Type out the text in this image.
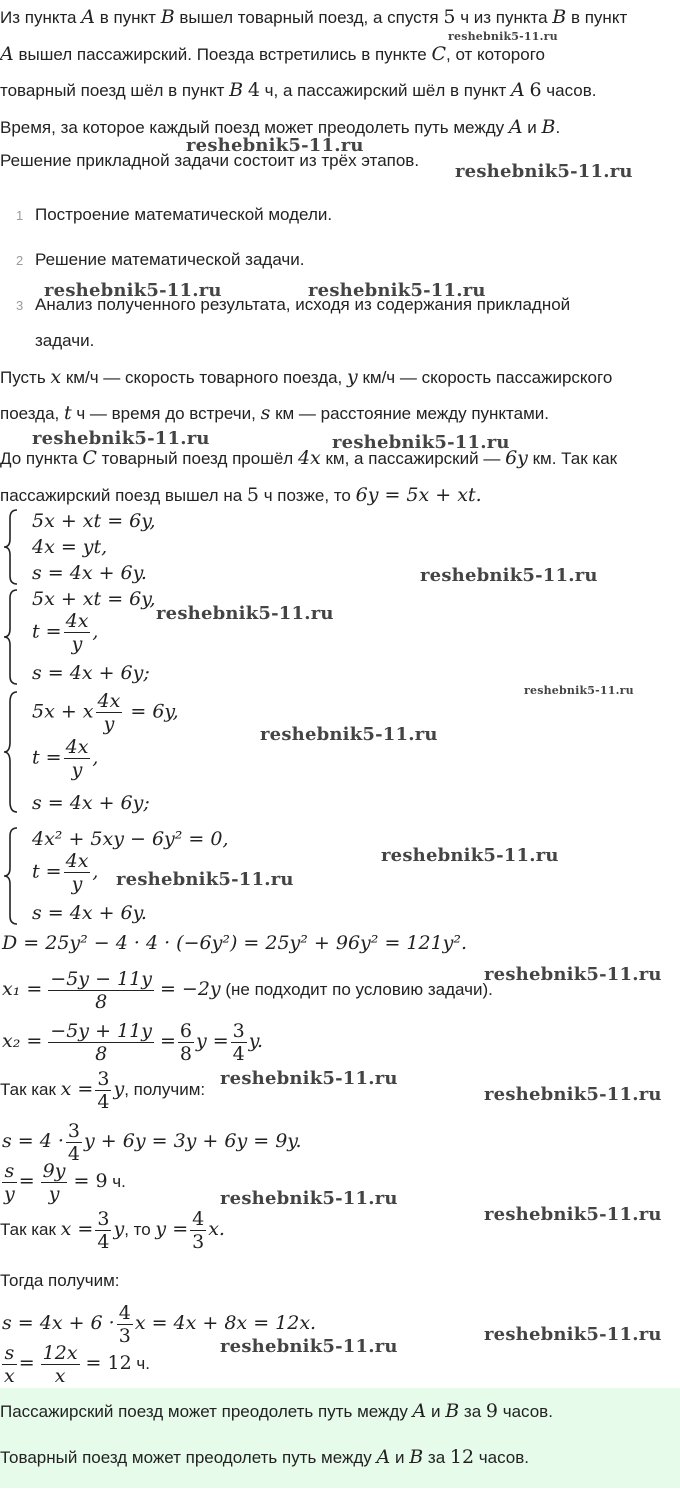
Из пункта A в пункт B вышел товарный поезд, а спустя 5 ч из пункта B в пункт
A вышел пассажирский. Поезда встретились в пункте C, от которого
товарный поезд шёл в пункт B 4 ч, а пассажирский шёл в пункт A 6 часов.
Время, за которое каждый поезд может преодолеть путь между A и B.
Решение прикладной задачи состоит из трёх этапов.
1 Построение математической модели.
2 Решение математической задачи.
3 Анализ полученного результата, исходя из содержания прикладной
задачи.
Пусть x км/ч — скорость товарного поезда, y км/ч — скорость пассажирского
поезда, t ч — время до встречи, s км — расстояние между пунктами.
До пункта C товарный поезд прошёл 4x км, а пассажирский — 6y км. Так как
пассажирский поезд вышел на 5 ч позже, то 6y = 5x + xt.
5x + xt = 6y,
4x = yt,
s = 4x + 6y.
5x + xt = 6y,
$t = \frac{4x}{y}$ ,
s = 4x + 6y;
5x + x $\frac{4x}{y} = 6y$,
$t = \frac{4x}{y}$ ,
s = 4x + 6y;
4x² + 5xy − 6y² = 0,
$t = \frac{4x}{y}$ ,
s = 4x + 6y.
D = 25y² − 4 · 4 · (−6y²) = 25y² + 96y² = 121y².
$x_1 = \frac{-5y - 11y}{8} = -2y$ (не подходит по условию задачи).
$x_2 = \frac{-5y + 11y}{8} = \frac{6}{8}$ $y = \frac{3}{4} y$.
Так как $x = \frac{3}{4} y$, получим:
$s = 4 \cdot \frac{3}{4}$ y + 6y = 3y + 6y = 9y.
$\frac{s}{y} = \frac{9y}{y} = 9$ ч.
Так как $x = \frac{3}{4} y$, то $y = \frac{4}{3} x$.
Тогда получим:
$s = 4x + 6 \cdot \frac{4}{3}$ x = 4x + 8x = 12x.
$\frac{s}{x} = \frac{12x}{x} = 12$ ч.
Пассажирский поезд может преодолеть путь между A и B за 9 часов.
Товарный поезд может преодолеть путь между A и B за 12 часов.
reshebnik5-11.ru
reshebnik5-11.ru
reshebnik5-11.ru
reshebnik5-11.ru	reshebnik5-11.ru
reshebnik5-11.ru	reshebnik5-11.ru
reshebnik5-11.ru
reshebnik5-11.ru
reshebnik5-11.ru
reshebnik5-11.ru
reshebnik5-11.ru
reshebnik5-11.ru
reshebnik5-11.ru
reshebnik5-11.ru
reshebnik5-11.ru
reshebnik5-11.ru
reshebnik5-11.ru
reshebnik5-11.ru
reshebnik5-11.ru
